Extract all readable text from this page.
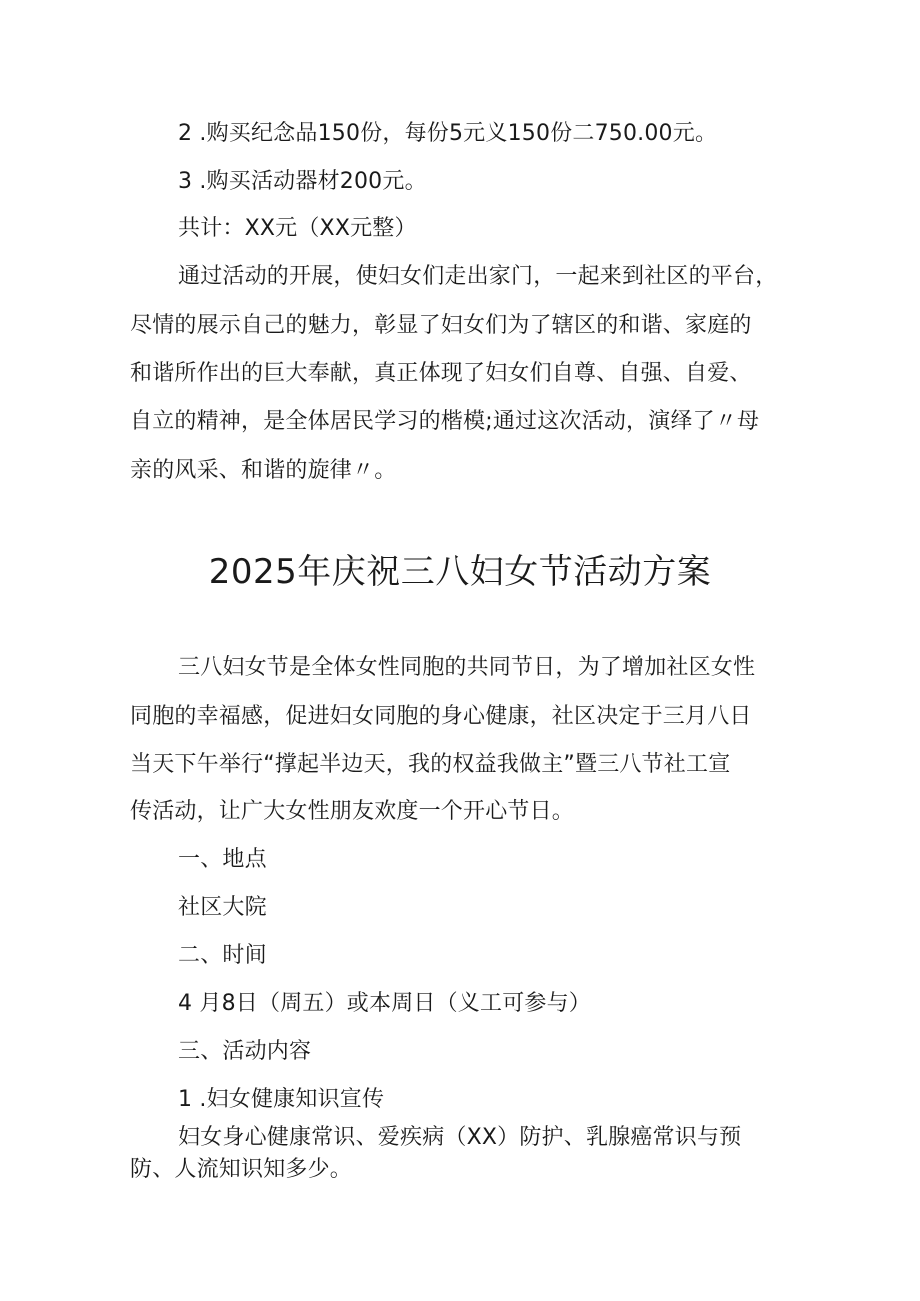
2 .购买纪念品150份，每份5元义150份二750.00元。
3 .购买活动器材200元。
共计：XX元（XX元整）
通过活动的开展，使妇女们走出家门，一起来到社区的平台，
尽情的展示自己的魅力，彰显了妇女们为了辖区的和谐、家庭的
和谐所作出的巨大奉献，真正体现了妇女们自尊、自强、自爱、
自立的精神，是全体居民学习的楷模;通过这次活动，演绎了〃母
亲的风采、和谐的旋律〃。
2025年庆祝三八妇女节活动方案
三八妇女节是全体女性同胞的共同节日，为了增加社区女性
同胞的幸福感，促进妇女同胞的身心健康，社区决定于三月八日
当天下午举行“撑起半边天，我的权益我做主”暨三八节社工宣
传活动，让广大女性朋友欢度一个开心节日。
一、地点
社区大院
二、时间
4 月8日（周五）或本周日（义工可参与）
三、活动内容
1 .妇女健康知识宣传
妇女身心健康常识、爱疾病（XX）防护、乳腺癌常识与预
防、人流知识知多少。
